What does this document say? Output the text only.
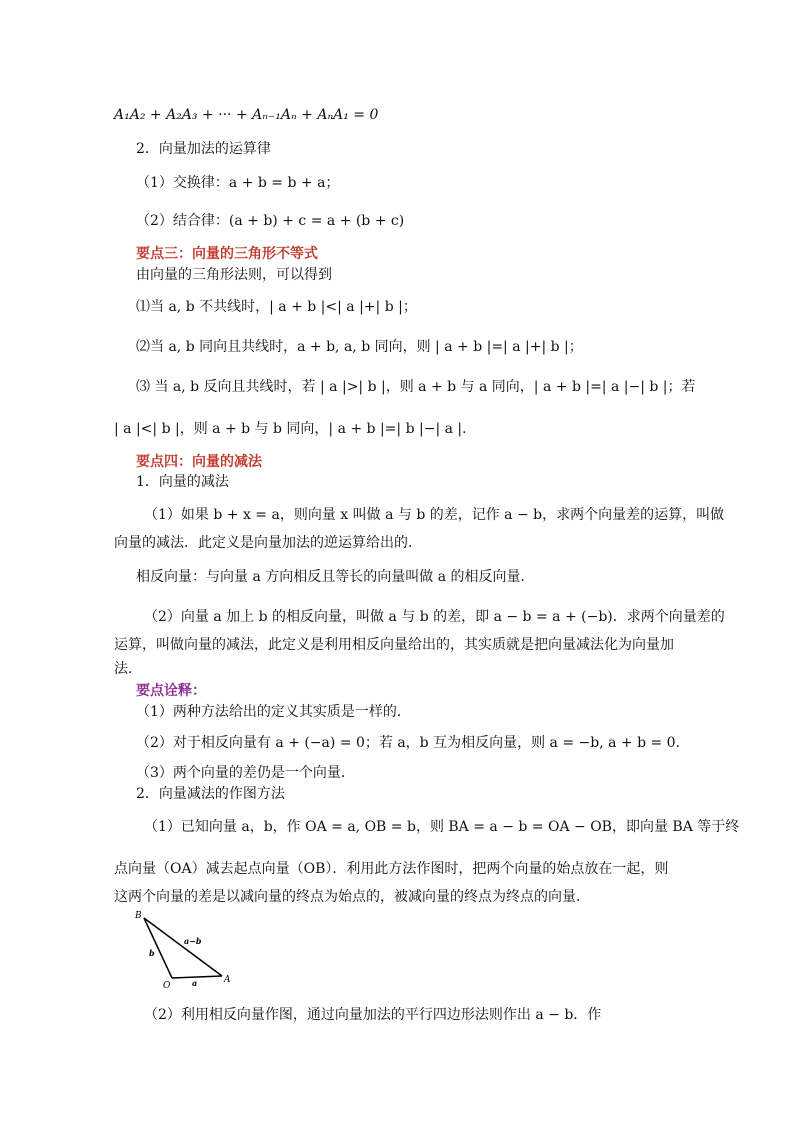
A₁A₂ + A₂A₃ + ··· + Aₙ₋₁Aₙ + AₙA₁ = 0
2．向量加法的运算律
（1）交换律：a + b = b + a；
（2）结合律：(a + b) + c = a + (b + c)
要点三：向量的三角形不等式
由向量的三角形法则，可以得到
⑴当 a, b 不共线时，| a + b |<| a |+| b |；
⑵当 a, b 同向且共线时，a + b, a, b 同向，则 | a + b |=| a |+| b |；
⑶ 当 a, b 反向且共线时，若 | a |>| b |，则 a + b 与 a 同向，| a + b |=| a |−| b |；若
| a |<| b |，则 a + b 与 b 同向，| a + b |=| b |−| a |．
要点四：向量的减法
1．向量的减法
（1）如果 b + x = a，则向量 x 叫做 a 与 b 的差，记作 a − b，求两个向量差的运算，叫做
向量的减法．此定义是向量加法的逆运算给出的．
相反向量：与向量 a 方向相反且等长的向量叫做 a 的相反向量．
（2）向量 a 加上 b 的相反向量，叫做 a 与 b 的差，即 a − b = a + (−b)．求两个向量差的
运算，叫做向量的减法，此定义是利用相反向量给出的，其实质就是把向量减法化为向量加
法．
要点诠释：
（1）两种方法给出的定义其实质是一样的．
（2）对于相反向量有 a + (−a) = 0；若 a，b 互为相反向量，则 a = −b, a + b = 0．
（3）两个向量的差仍是一个向量．
2．向量减法的作图方法
（1）已知向量 a，b，作 OA = a, OB = b，则 BA = a − b = OA − OB，即向量 BA 等于终
点向量（OA）减去起点向量（OB）．利用此方法作图时，把两个向量的始点放在一起，则
这两个向量的差是以减向量的终点为始点的，被减向量的终点为终点的向量．
B
O
A
a−b
b
a
（2）利用相反向量作图，通过向量加法的平行四边形法则作出 a − b．作
